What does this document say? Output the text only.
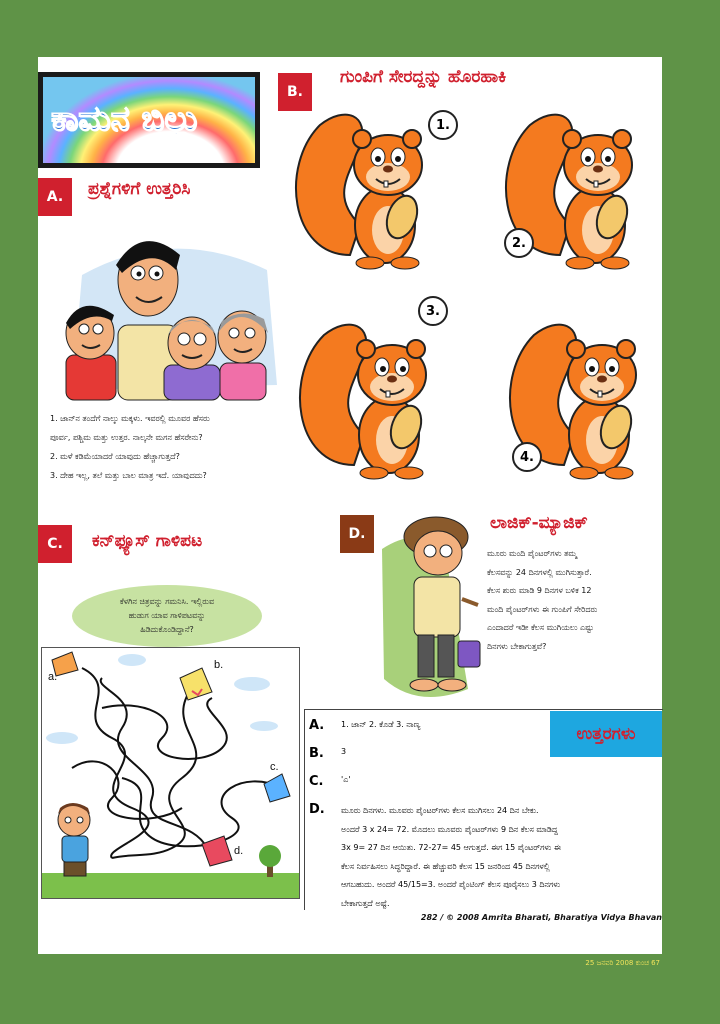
ಕಾಮನ ಬಿಲ್ಲು
A.	ಪ್ರಶ್ನೆಗಳಿಗೆ ಉತ್ತರಿಸಿ
1. ಜಾನ್‌ನ ತಂದೆಗೆ ನಾಲ್ಕು ಮಕ್ಕಳು. ಇವರಲ್ಲಿ ಮೂವರ ಹೆಸರು
ಪೂರ್ವ, ಪಶ್ಚಿಮ ಮತ್ತು ಉತ್ತರ. ನಾಲ್ಕನೇ ಮಗನ ಹೆಸರೇನು?
2. ಮಳೆ ಕಡಿಮೆಯಾದರೆ ಯಾವುದು ಹೆಚ್ಚಾಗುತ್ತದೆ?
3. ದೇಹ ಇಲ್ಲ, ತಲೆ ಮತ್ತು ಬಾಲ ಮಾತ್ರ ಇದೆ. ಯಾವುದದು?
B.
ಗುಂಪಿಗೆ ಸೇರದ್ದನ್ನು ಹೊರಹಾಕಿ
1.
2.
3.
4.
C.	ಕನ್‌ಫ್ಯೂಸ್ ಗಾಳಿಪಟ
ಕೆಳಗಿನ ಚಿತ್ರವನ್ನು ಗಮನಿಸಿ. ಇಲ್ಲಿರುವ
ಹುಡುಗ ಯಾವ ಗಾಳಿಪಟವನ್ನು
ಹಿಡಿದುಕೊಂಡಿದ್ದಾನೆ?
a.
b.
c.
d.
D.
ಲಾಜಿಕ್-ಮ್ಯಾಜಿಕ್
ಮೂರು ಮಂದಿ ಪೈಂಟರ್‌ಗಳು ತಮ್ಮ
ಕೆಲಸವನ್ನು 24 ದಿನಗಳಲ್ಲಿ ಮುಗಿಸುತ್ತಾರೆ.
ಕೆಲಸ ಶುರು ಮಾಡಿ 9 ದಿನಗಳ ಬಳಿಕ 12
ಮಂದಿ ಪೈಂಟರ್‌ಗಳು ಈ ಗುಂಪಿಗೆ ಸೇರಿದರು
ಎಂದಾದರೆ ಇಡೀ ಕೆಲಸ ಮುಗಿಯಲು ಎಷ್ಟು
ದಿನಗಳು ಬೇಕಾಗುತ್ತವೆ?
ಉತ್ತರಗಳು
A. 1. ಜಾನ್ 2. ಕೊಡೆ 3. ನಾಣ್ಯ
B. 3
C. 'ಎ'
D. ಮೂರು ದಿನಗಳು. ಮೂವರು ಪೈಂಟರ್‌ಗಳು ಕೆಲಸ ಮುಗಿಸಲು 24 ದಿನ ಬೇಕು.
ಅಂದರೆ 3 x 24= 72. ಮೊದಲು ಮೂವರು ಪೈಂಟರ್‌ಗಳು 9 ದಿನ ಕೆಲಸ ಮಾಡಿದ್ದ
3x 9= 27 ದಿನ ಆಯಿತು. 72-27= 45 ಆಗುತ್ತದೆ. ಈಗ 15 ಪೈಂಟರ್‌ಗಳು ಈ
ಕೆಲಸ ನಿರ್ವಹಿಸಲು ಸಿದ್ಧರಿದ್ದಾರೆ. ಈ ಹೆಚ್ಚುವರಿ ಕೆಲಸ 15 ಜನರಿಂದ 45 ದಿನಗಳಲ್ಲಿ
ಆಗಬಹುದು. ಅಂದರೆ 45/15=3. ಅಂದರೆ ಪೈಂಟಿಂಗ್ ಕೆಲಸ ಪೂರೈಸಲು 3 ದಿನಗಳು
ಬೇಕಾಗುತ್ತದೆ ಅಷ್ಟೆ.
282 / © 2008 Amrita Bharati, Bharatiya Vidya Bhavan
25 ಜನವರಿ 2008 ಕುಂಚ 67
